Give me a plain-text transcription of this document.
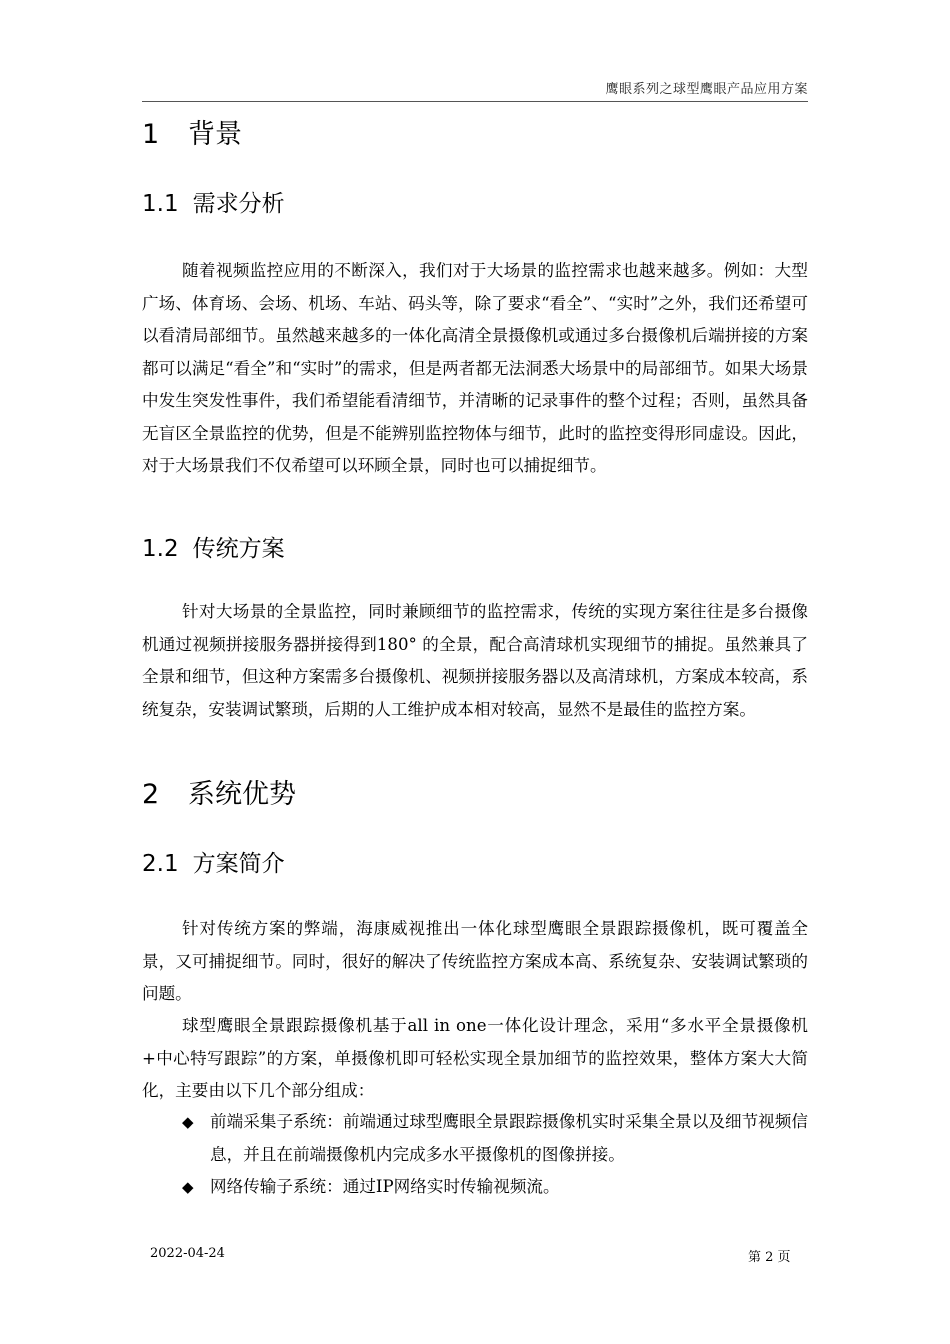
鹰眼系列之球型鹰眼产品应用方案
1 背景
1.1 需求分析

随着视频监控应用的不断深入，我们对于大场景的监控需求也越来越多。例如：大型广场、体育场、会场、机场、车站、码头等，除了要求“看全”、“实时”之外，我们还希望可以看清局部细节。虽然越来越多的一体化高清全景摄像机或通过多台摄像机后端拼接的方案都可以满足“看全”和“实时”的需求，但是两者都无法洞悉大场景中的局部细节。如果大场景中发生突发性事件，我们希望能看清细节，并清晰的记录事件的整个过程；否则，虽然具备无盲区全景监控的优势，但是不能辨别监控物体与细节，此时的监控变得形同虚设。因此，对于大场景我们不仅希望可以环顾全景，同时也可以捕捉细节。

1.2 传统方案

针对大场景的全景监控，同时兼顾细节的监控需求，传统的实现方案往往是多台摄像机通过视频拼接服务器拼接得到180° 的全景，配合高清球机实现细节的捕捉。虽然兼具了全景和细节，但这种方案需多台摄像机、视频拼接服务器以及高清球机，方案成本较高，系统复杂，安装调试繁琐，后期的人工维护成本相对较高，显然不是最佳的监控方案。

2 系统优势
2.1 方案简介

针对传统方案的弊端，海康威视推出一体化球型鹰眼全景跟踪摄像机，既可覆盖全景，又可捕捉细节。同时，很好的解决了传统监控方案成本高、系统复杂、安装调试繁琐的问题。

球型鹰眼全景跟踪摄像机基于all in one一体化设计理念，采用“多水平全景摄像机+中心特写跟踪”的方案，单摄像机即可轻松实现全景加细节的监控效果，整体方案大大简化，主要由以下几个部分组成：

◆ 前端采集子系统：前端通过球型鹰眼全景跟踪摄像机实时采集全景以及细节视频信息，并且在前端摄像机内完成多水平摄像机的图像拼接。

◆ 网络传输子系统：通过IP网络实时传输视频流。

2022-04-24	第 2 页
